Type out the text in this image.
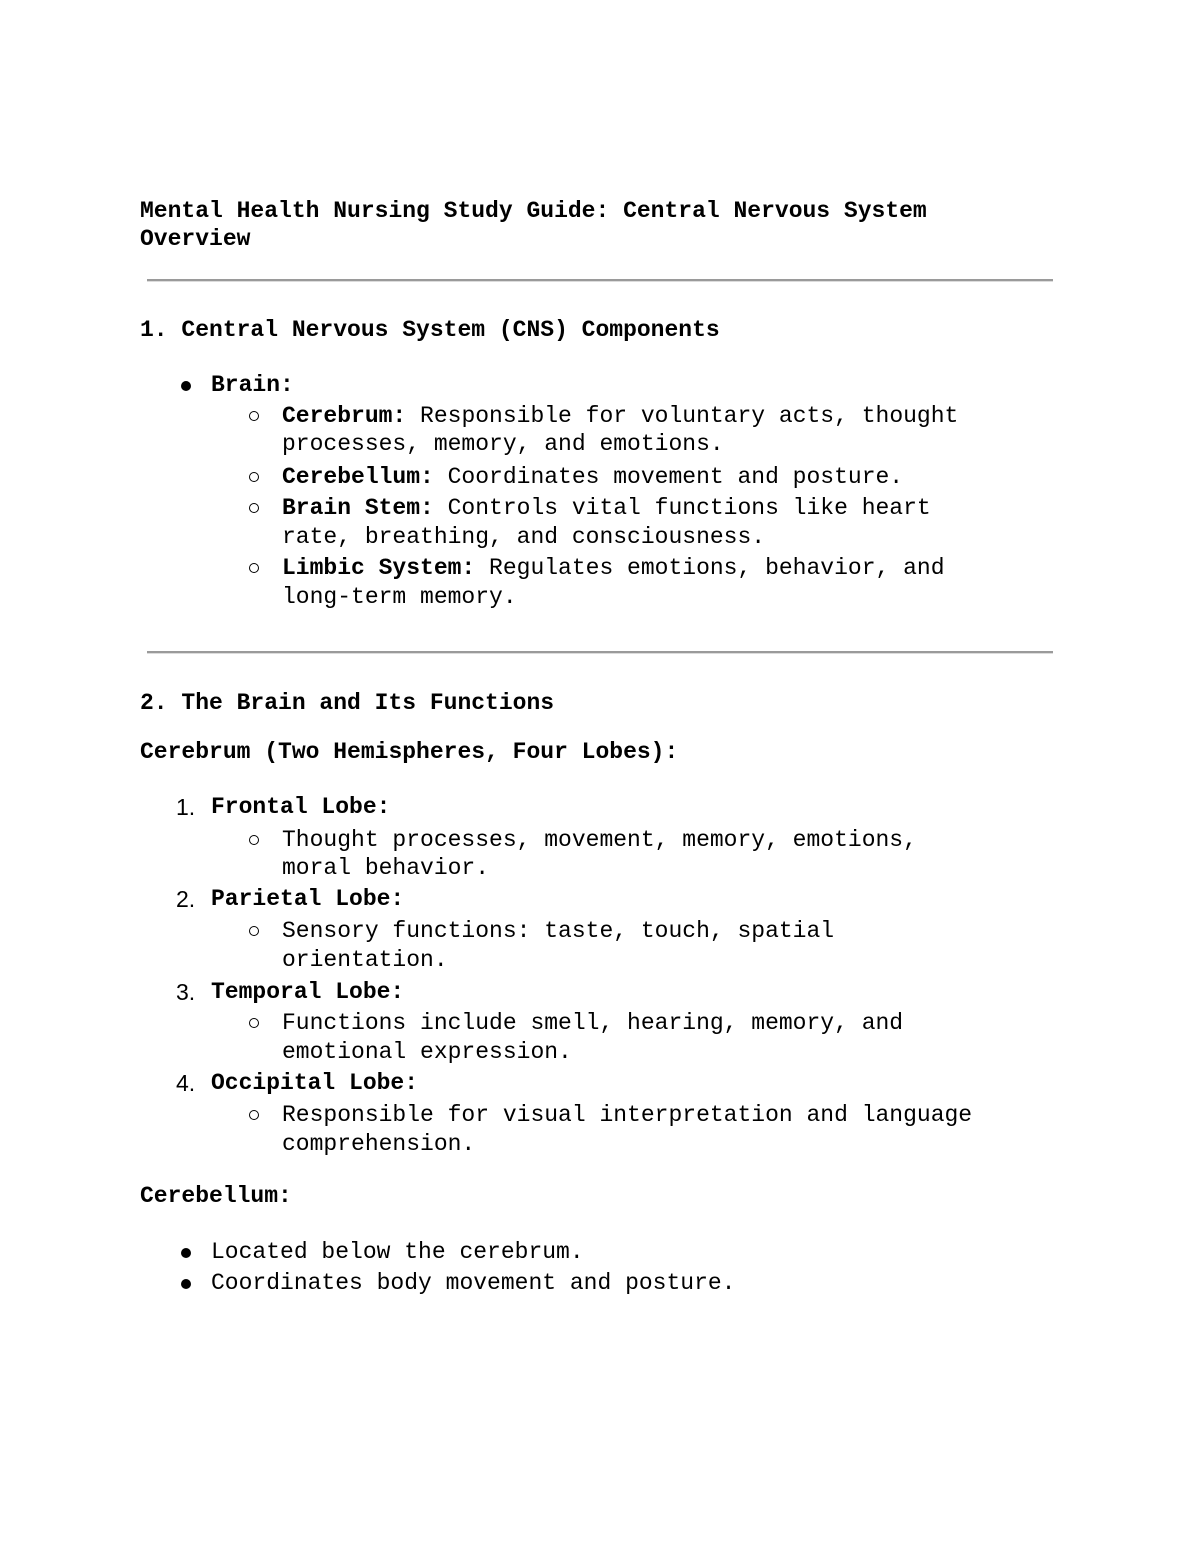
Mental Health Nursing Study Guide: Central Nervous System
Overview
1. Central Nervous System (CNS) Components
Brain:
Cerebrum: Responsible for voluntary acts, thought
processes, memory, and emotions.
Cerebellum: Coordinates movement and posture.
Brain Stem: Controls vital functions like heart
rate, breathing, and consciousness.
Limbic System: Regulates emotions, behavior, and
long-term memory.
2. The Brain and Its Functions
Cerebrum (Two Hemispheres, Four Lobes):
1. Frontal Lobe:
Thought processes, movement, memory, emotions,
moral behavior.
2. Parietal Lobe:
Sensory functions: taste, touch, spatial
orientation.
3. Temporal Lobe:
Functions include smell, hearing, memory, and
emotional expression.
4. Occipital Lobe:
Responsible for visual interpretation and language
comprehension.
Cerebellum:
Located below the cerebrum.
Coordinates body movement and posture.
